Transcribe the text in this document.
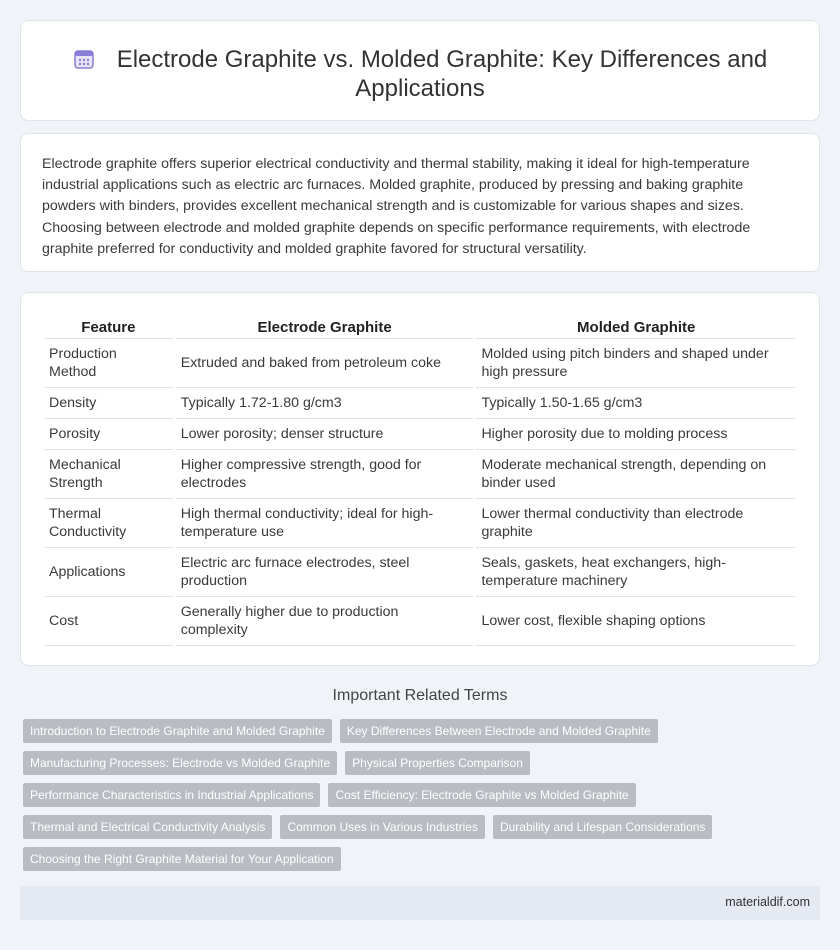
Electrode Graphite vs. Molded Graphite: Key Differences and Applications

Electrode graphite offers superior electrical conductivity and thermal stability, making it ideal for high-temperature industrial applications such as electric arc furnaces. Molded graphite, produced by pressing and baking graphite powders with binders, provides excellent mechanical strength and is customizable for various shapes and sizes. Choosing between electrode and molded graphite depends on specific performance requirements, with electrode graphite preferred for conductivity and molded graphite favored for structural versatility.

Feature	Electrode Graphite	Molded Graphite
Production Method	Extruded and baked from petroleum coke	Molded using pitch binders and shaped under high pressure
Density	Typically 1.72-1.80 g/cm3	Typically 1.50-1.65 g/cm3
Porosity	Lower porosity; denser structure	Higher porosity due to molding process
Mechanical Strength	Higher compressive strength, good for electrodes	Moderate mechanical strength, depending on binder used
Thermal Conductivity	High thermal conductivity; ideal for high-temperature use	Lower thermal conductivity than electrode graphite
Applications	Electric arc furnace electrodes, steel production	Seals, gaskets, heat exchangers, high-temperature machinery
Cost	Generally higher due to production complexity	Lower cost, flexible shaping options
Important Related Terms
Introduction to Electrode Graphite and Molded Graphite	Key Differences Between Electrode and Molded Graphite
Manufacturing Processes: Electrode vs Molded Graphite	Physical Properties Comparison
Performance Characteristics in Industrial Applications	Cost Efficiency: Electrode Graphite vs Molded Graphite
Thermal and Electrical Conductivity Analysis	Common Uses in Various Industries	Durability and Lifespan Considerations
Choosing the Right Graphite Material for Your Application
materialdif.com
